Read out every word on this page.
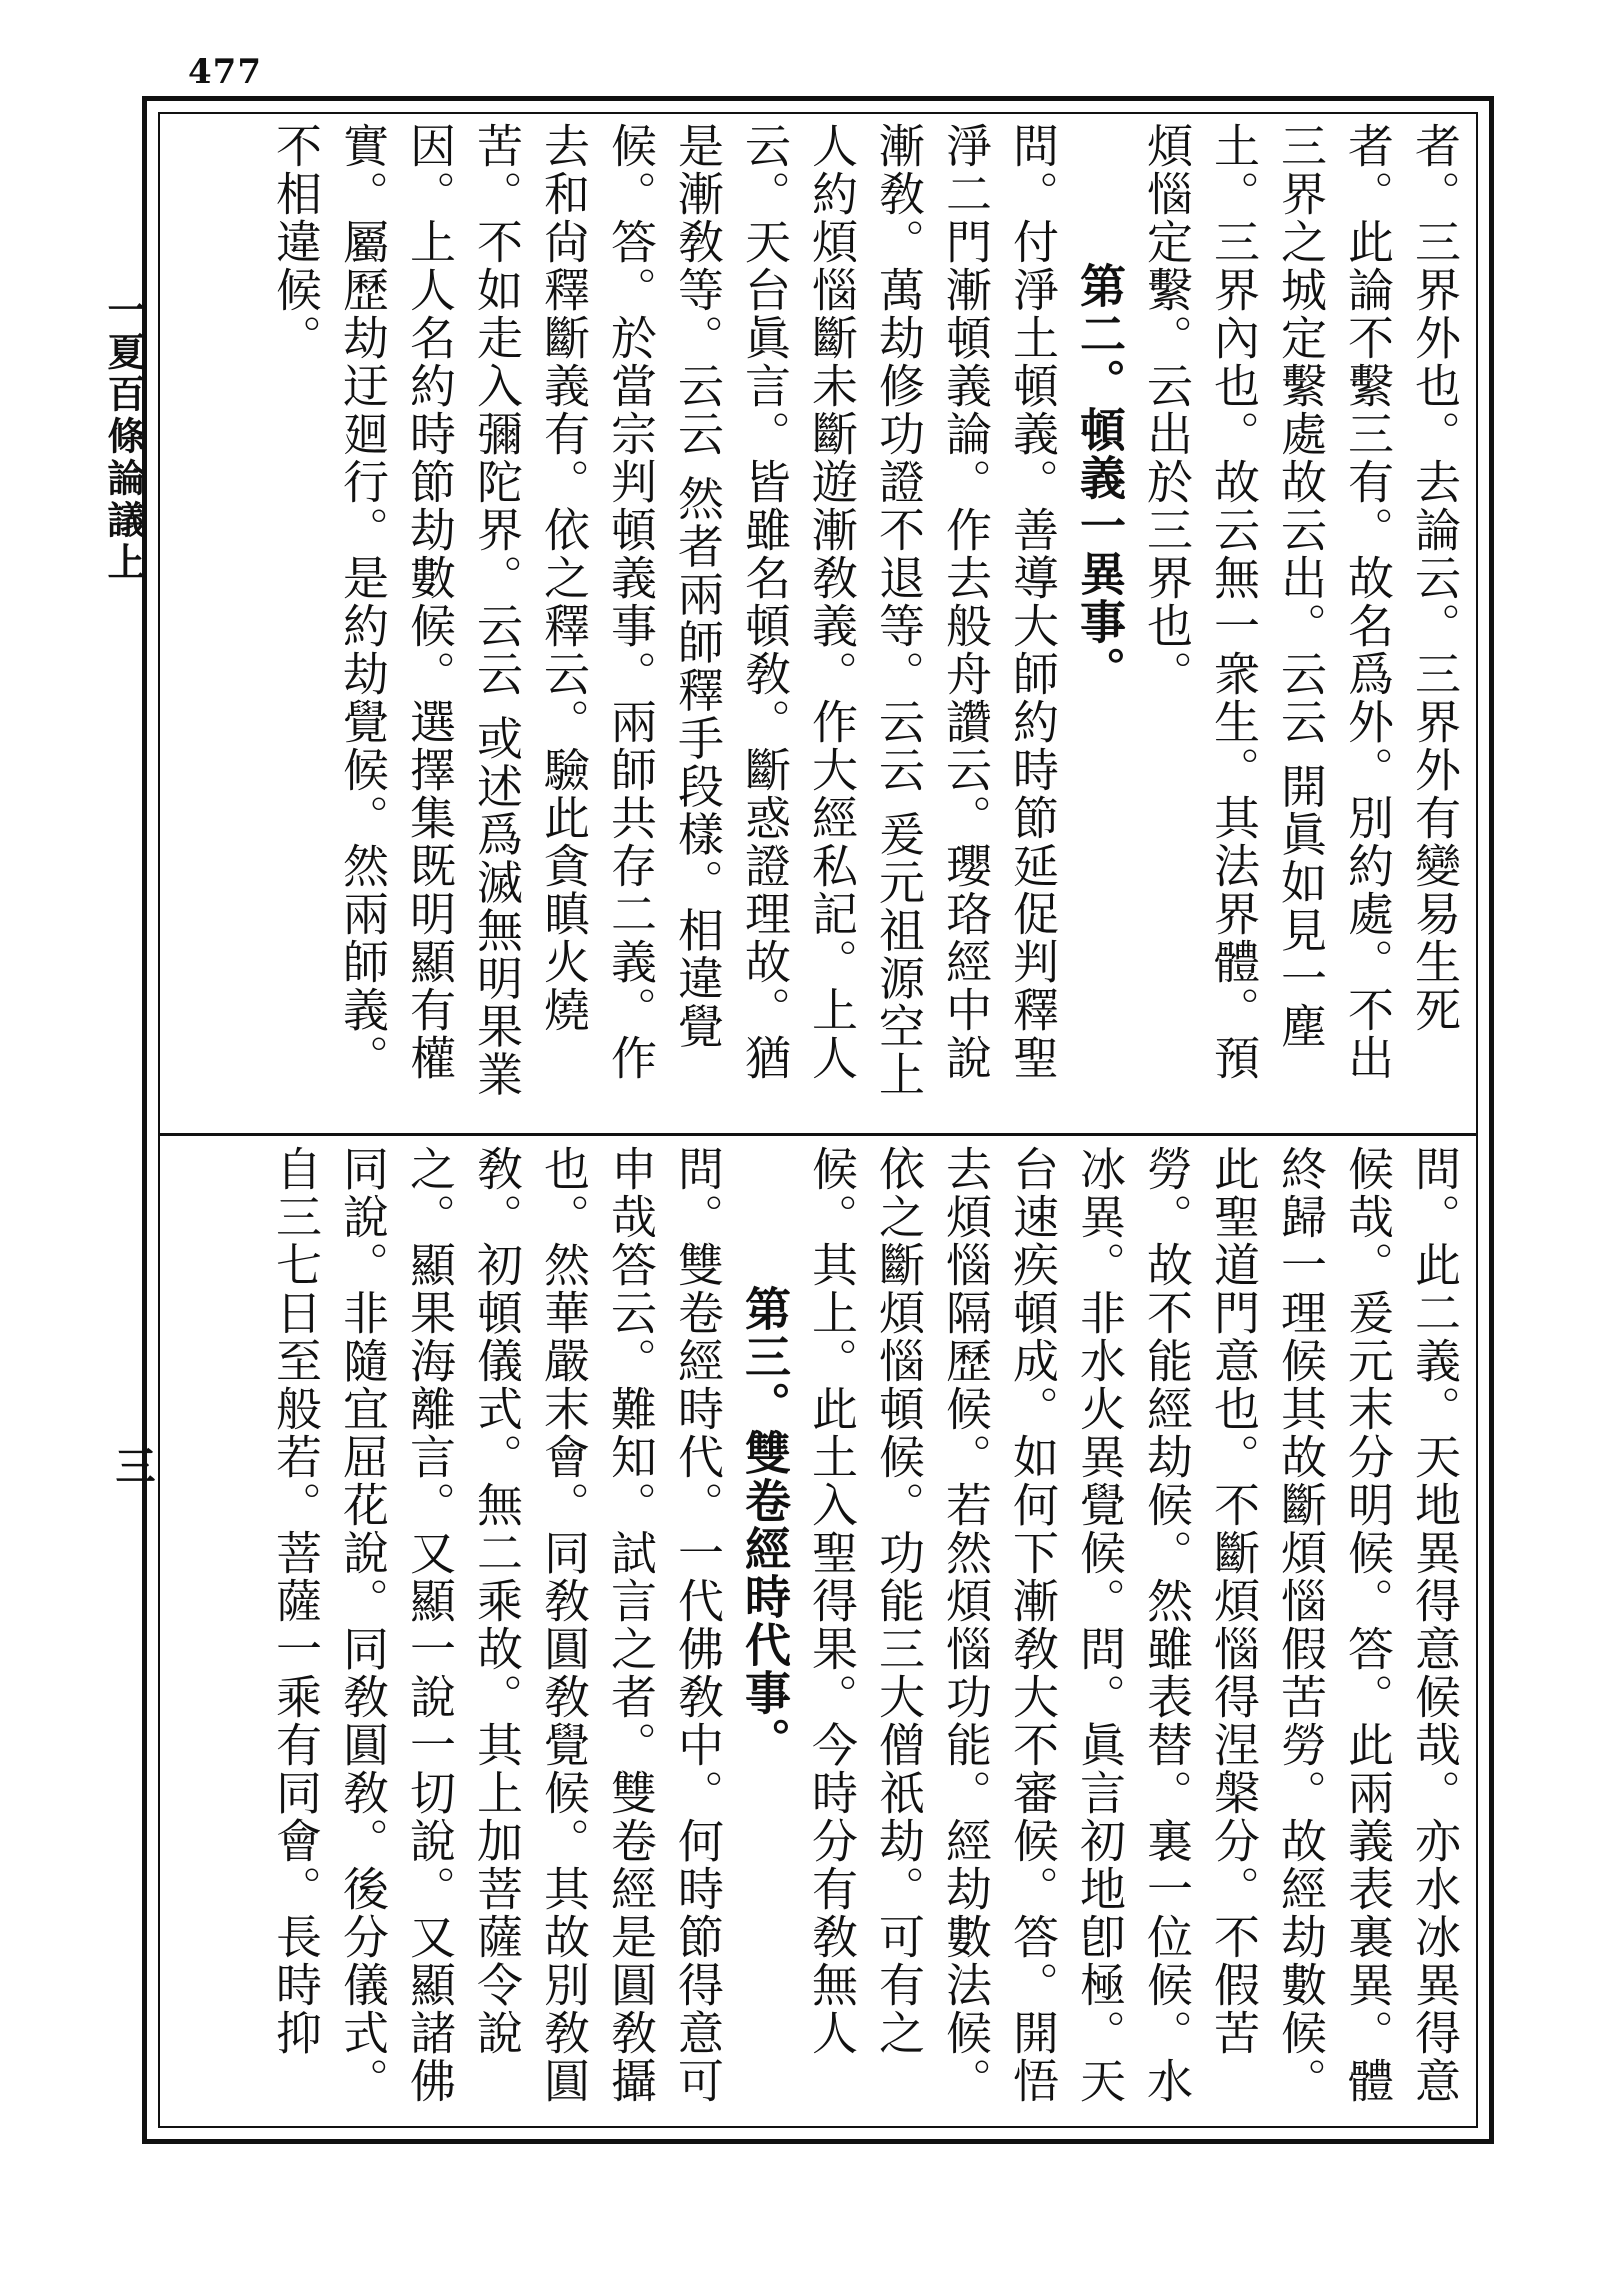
477
一夏百條論議上
三

者。三界外也。去論云。三界外有變易生死者。此論不繫三有。故名爲外。別約處。不出三界之城定繫處故云出。云云 開眞如見一塵土。三界內也。故云無一衆生。其法界體。預煩惱定繫。云出於三界也。

第二。頓義一異事。

問。付淨土頓義。善導大師約時節延促判釋聖淨二門漸頓義論。作去般舟讚云。瓔珞經中說漸敎。萬劫修功證不退等。云云 爰元祖源空上人約煩惱斷未斷遊漸敎義。作大經私記。上人云。天台眞言。皆雖名頓敎。斷惑證理故。猶是漸敎等。云云 然者兩師釋手段樣。相違覺候。答。於當宗判頓義事。兩師共存二義。作去和尙釋斷義有。依之釋云。驗此貪瞋火燒苦。不如走入彌陀界。云云 或述爲滅無明果業因。上人名約時節劫數候。選擇集既明顯有權實。屬歷劫迂廻行。是約劫覺候。然兩師義。不相違候。

問。此二義。天地異得意候哉。亦水冰異得意候哉。爰元末分明候。答。此兩義表裏異。體終歸一理候其故斷煩惱假苦勞。故經劫數候。此聖道門意也。不斷煩惱得涅槃分。不假苦勞。故不能經劫候。然雖表替。裏一位候。水冰異。非水火異覺候。問。眞言初地卽極。天台速疾頓成。如何下漸敎大不審候。答。開悟去煩惱隔歷候。若然煩惱功能。經劫數法候。依之斷煩惱頓候。功能三大僧祇劫。可有之候。其上。此土入聖得果。今時分有敎無人

第三。雙卷經時代事。

問。雙卷經時代。一代佛敎中。何時節得意可申哉答云。難知。試言之者。雙卷經是圓敎攝也。然華嚴末會。同敎圓敎覺候。其故別敎圓敎。初頓儀式。無二乘故。其上加菩薩令說之。顯果海離言。又顯一說一切說。又顯諸佛同說。非隨宜屈花說。同敎圓敎。後分儀式。自三七日至般若。菩薩一乘有同會。長時抑
